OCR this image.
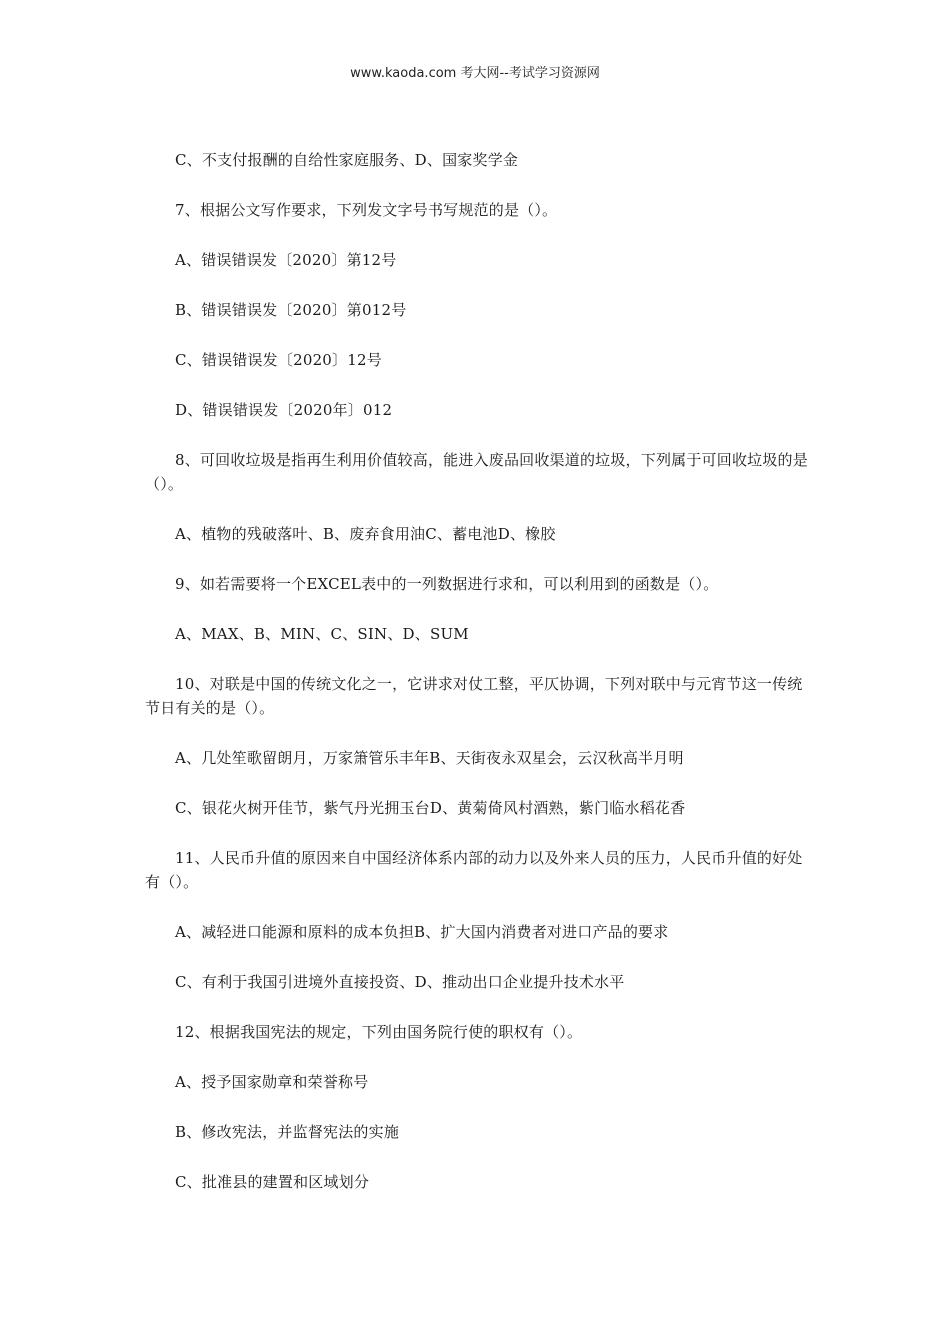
www.kaoda.com 考大网--考试学习资源网

C、不支付报酬的自给性家庭服务、D、国家奖学金

7、根据公文写作要求，下列发文字号书写规范的是（）。

A、错误错误发〔2020〕第12号

B、错误错误发〔2020〕第012号

C、错误错误发〔2020〕12号

D、错误错误发〔2020年〕012

8、可回收垃圾是指再生利用价值较高，能进入废品回收渠道的垃圾，下列属于可回收垃圾的是（）。

A、植物的残破落叶、B、废弃食用油C、蓄电池D、橡胶

9、如若需要将一个EXCEL表中的一列数据进行求和，可以利用到的函数是（）。

A、MAX、B、MIN、C、SIN、D、SUM

10、对联是中国的传统文化之一，它讲求对仗工整，平仄协调，下列对联中与元宵节这一传统节日有关的是（）。

A、几处笙歌留朗月，万家箫管乐丰年B、天街夜永双星会，云汉秋高半月明

C、银花火树开佳节，紫气丹光拥玉台D、黄菊倚风村酒熟，紫门临水稻花香

11、人民币升值的原因来自中国经济体系内部的动力以及外来人员的压力，人民币升值的好处有（）。

A、减轻进口能源和原料的成本负担B、扩大国内消费者对进口产品的要求

C、有利于我国引进境外直接投资、D、推动出口企业提升技术水平

12、根据我国宪法的规定，下列由国务院行使的职权有（）。

A、授予国家勋章和荣誉称号

B、修改宪法，并监督宪法的实施

C、批准县的建置和区域划分
